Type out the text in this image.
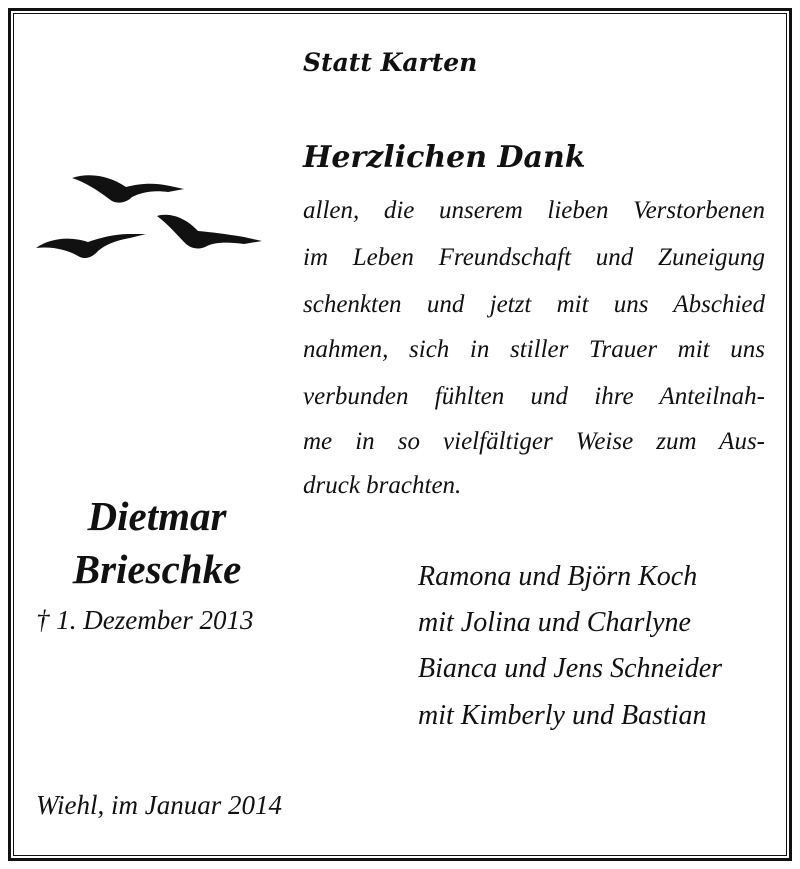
Statt Karten
Herzlichen Dank
allen, die unserem lieben Verstorbenen
im Leben Freundschaft und Zuneigung
schenkten und jetzt mit uns Abschied
nahmen, sich in stiller Trauer mit uns
verbunden fühlten und ihre Anteilnah-
me in so vielfältiger Weise zum Aus-
druck brachten.
Dietmar
Brieschke
† 1. Dezember 2013
Ramona und Björn Koch
mit Jolina und Charlyne
Bianca und Jens Schneider
mit Kimberly und Bastian
Wiehl, im Januar 2014
